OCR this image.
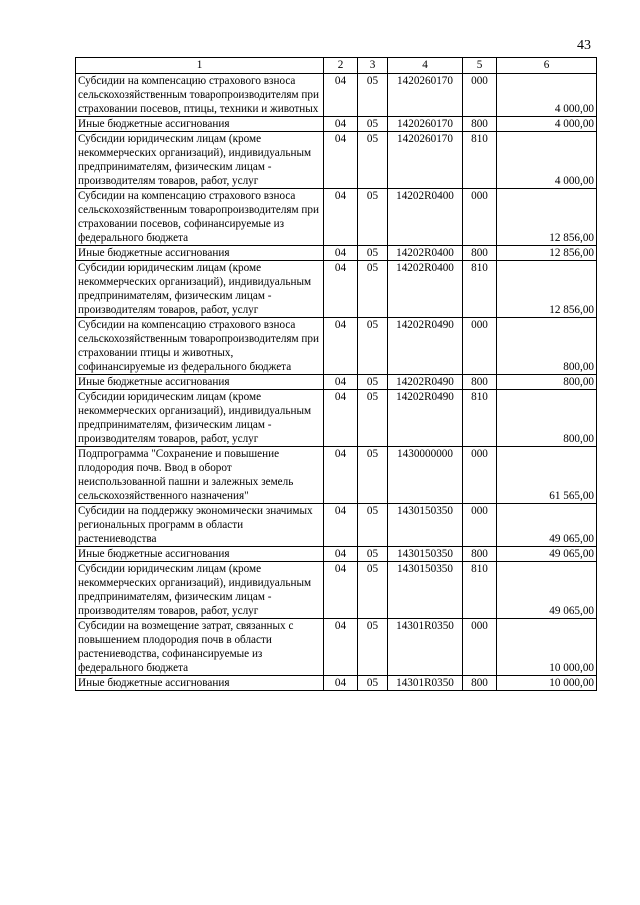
43
1	2	3	4	5	6
Субсидии на компенсацию страхового взноса сельскохозяйственным товаропроизводителям при страховании посевов, птицы, техники и животных	04	05	1420260170	000	4 000,00
Иные бюджетные ассигнования	04	05	1420260170	800	4 000,00
Субсидии юридическим лицам (кроме некоммерческих организаций), индивидуальным предпринимателям, физическим лицам - производителям товаров, работ, услуг	04	05	1420260170	810	4 000,00
Субсидии на компенсацию страхового взноса сельскохозяйственным товаропроизводителям при страховании посевов, софинансируемые из федерального бюджета	04	05	14202R0400	000	12 856,00
Иные бюджетные ассигнования	04	05	14202R0400	800	12 856,00
Субсидии юридическим лицам (кроме некоммерческих организаций), индивидуальным предпринимателям, физическим лицам - производителям товаров, работ, услуг	04	05	14202R0400	810	12 856,00
Субсидии на компенсацию страхового взноса сельскохозяйственным товаропроизводителям при страховании птицы и животных, софинансируемые из федерального бюджета	04	05	14202R0490	000	800,00
Иные бюджетные ассигнования	04	05	14202R0490	800	800,00
Субсидии юридическим лицам (кроме некоммерческих организаций), индивидуальным предпринимателям, физическим лицам - производителям товаров, работ, услуг	04	05	14202R0490	810	800,00
Подпрограмма "Сохранение и повышение плодородия почв. Ввод в оборот неиспользованной пашни и залежных земель сельскохозяйственного назначения"	04	05	1430000000	000	61 565,00
Субсидии на поддержку экономически значимых региональных программ в области растениеводства	04	05	1430150350	000	49 065,00
Иные бюджетные ассигнования	04	05	1430150350	800	49 065,00
Субсидии юридическим лицам (кроме некоммерческих организаций), индивидуальным предпринимателям, физическим лицам - производителям товаров, работ, услуг	04	05	1430150350	810	49 065,00
Субсидии на возмещение затрат, связанных с повышением плодородия почв в области растениеводства, софинансируемые из федерального бюджета	04	05	14301R0350	000	10 000,00
Иные бюджетные ассигнования	04	05	14301R0350	800	10 000,00
